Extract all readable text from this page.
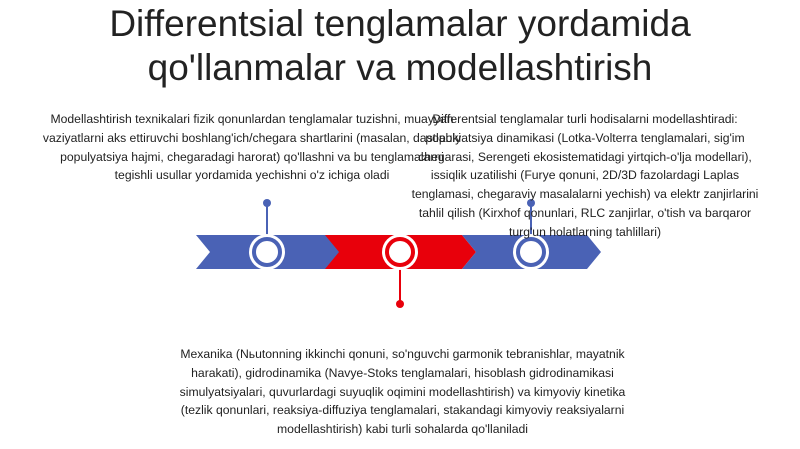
Differentsial tenglamalar yordamida
qo'llanmalar va modellashtirish
Modellashtirish texnikalari fizik qonunlardan tenglamalar tuzishni, muayyan vaziyatlarni aks ettiruvchi boshlang'ich/chegara shartlarini (masalan, dastlabki populyatsiya hajmi, chegaradagi harorat) qo'llashni va bu tenglamalarni tegishli usullar yordamida yechishni o'z ichiga oladi
Differentsial tenglamalar turli hodisalarni modellashtiradi: populyatsiya dinamikasi (Lotka-Volterra tenglamalari, sig'im chegarasi, Serengeti ekosistematidagi yirtqich-o'lja modellari), issiqlik uzatilishi (Furye qonuni, 2D/3D fazolardagi Laplas tenglamasi, chegaraviy masalalarni yechish) va elektr zanjirlarini tahlil qilish (Kirxhof qonunlari, RLC zanjirlar, o'tish va barqaror turg'un holatlarning tahlillari)
Mexanika (Nьutonning ikkinchi qonuni, so'nguvchi garmonik tebranishlar, mayatnik harakati), gidrodinamika (Navye-Stoks tenglamalari, hisoblash gidrodinamikasi simulyatsiyalari, quvurlardagi suyuqlik oqimini modellashtirish) va kimyoviy kinetika (tezlik qonunlari, reaksiya-diffuziya tenglamalari, stakandagi kimyoviy reaksiyalarni modellashtirish) kabi turli sohalarda qo'llaniladi
